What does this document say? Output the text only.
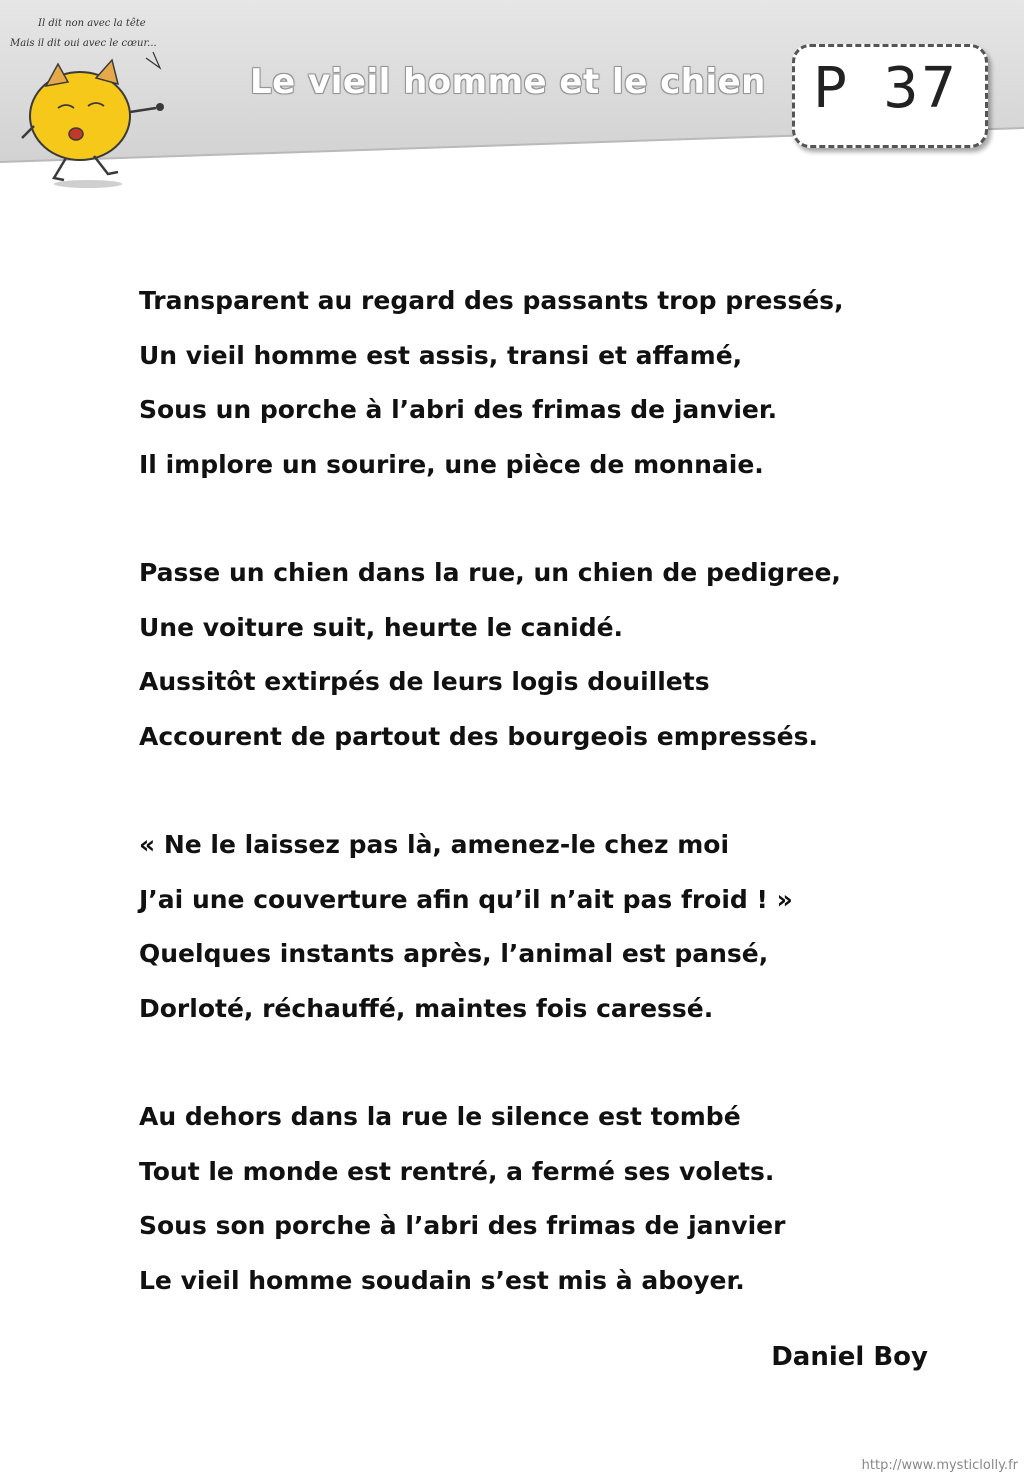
Il dit non avec la tête
Mais il dit oui avec le cœur...
Le vieil homme et le chien P 37
Transparent au regard des passants trop pressés,
Un vieil homme est assis, transi et affamé,
Sous un porche à l’abri des frimas de janvier.
Il implore un sourire, une pièce de monnaie.
Passe un chien dans la rue, un chien de pedigree,
Une voiture suit, heurte le canidé.
Aussitôt extirpés de leurs logis douillets
Accourent de partout des bourgeois empressés.
« Ne le laissez pas là, amenez-le chez moi
J’ai une couverture afin qu’il n’ait pas froid ! »
Quelques instants après, l’animal est pansé,
Dorloté, réchauffé, maintes fois caressé.
Au dehors dans la rue le silence est tombé
Tout le monde est rentré, a fermé ses volets.
Sous son porche à l’abri des frimas de janvier
Le vieil homme soudain s’est mis à aboyer.
Daniel Boy
http://www.mysticlolly.fr
